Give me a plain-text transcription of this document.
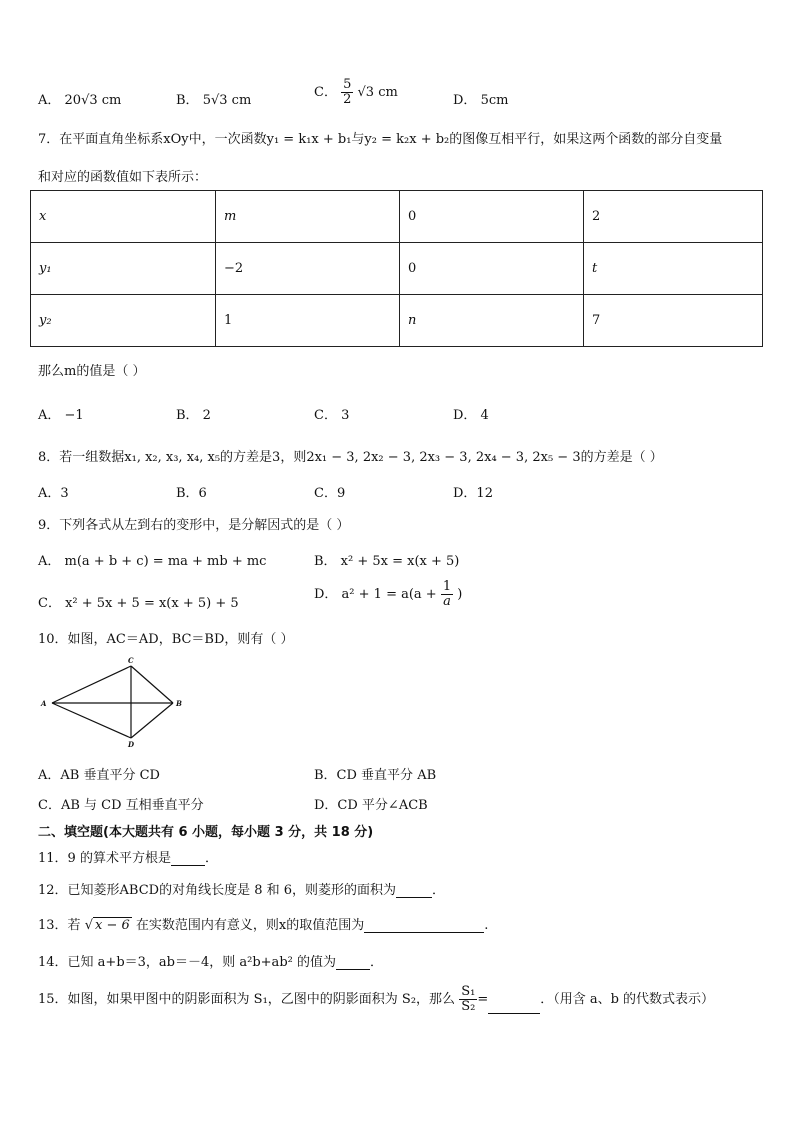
A． 20√3 cm	B． 5√3 cm
C． $\frac{5}{2} √3$ cm
D． 5cm
7．在平面直角坐标系xOy中，一次函数y₁ = k₁x + b₁与y₂ = k₂x + b₂的图像互相平行，如果这两个函数的部分自变量
和对应的函数值如下表所示：
x	m	0	2
y₁	−2	0	t
y₂	1	n	7
那么m的值是（ ）
A． −1	B． 2	C． 3	D． 4
8．若一组数据x₁, x₂, x₃, x₄, x₅的方差是3，则2x₁ − 3, 2x₂ − 3, 2x₃ − 3, 2x₄ − 3, 2x₅ − 3的方差是（ ）
A．3	B．6	C．9	D．12
9．下列各式从左到右的变形中，是分解因式的是（ ）
A． m(a + b + c) = ma + mb + mc	B． x² + 5x = x(x + 5)
C． x² + 5x + 5 = x(x + 5) + 5
D． $a^2 + 1 = a(a + \frac{1}{a}$ )
10．如图，AC＝AD，BC＝BD，则有（ ）
A	B
C
D
A．AB 垂直平分 CD	B．CD 垂直平分 AB
C．AB 与 CD 互相垂直平分	D．CD 平分∠ACB
二、填空题(本大题共有 6 小题，每小题 3 分，共 18 分)
11．9 的算术平方根是	．
12．已知菱形ABCD的对角线长度是 8 和 6，则菱形的面积为	．
13．若 √ x − 6 在实数范围内有意义，则x的取值范围为	.
14．已知 a+b＝3，ab＝－4，则 a²b+ab² 的值为	．
15．如图，如果甲图中的阴影面积为 S₁，乙图中的阴影面积为 S₂，那么 $\frac{\text{S₁}}{\text{S₂}}$ =	．（用含 a、b 的代数式表示）
